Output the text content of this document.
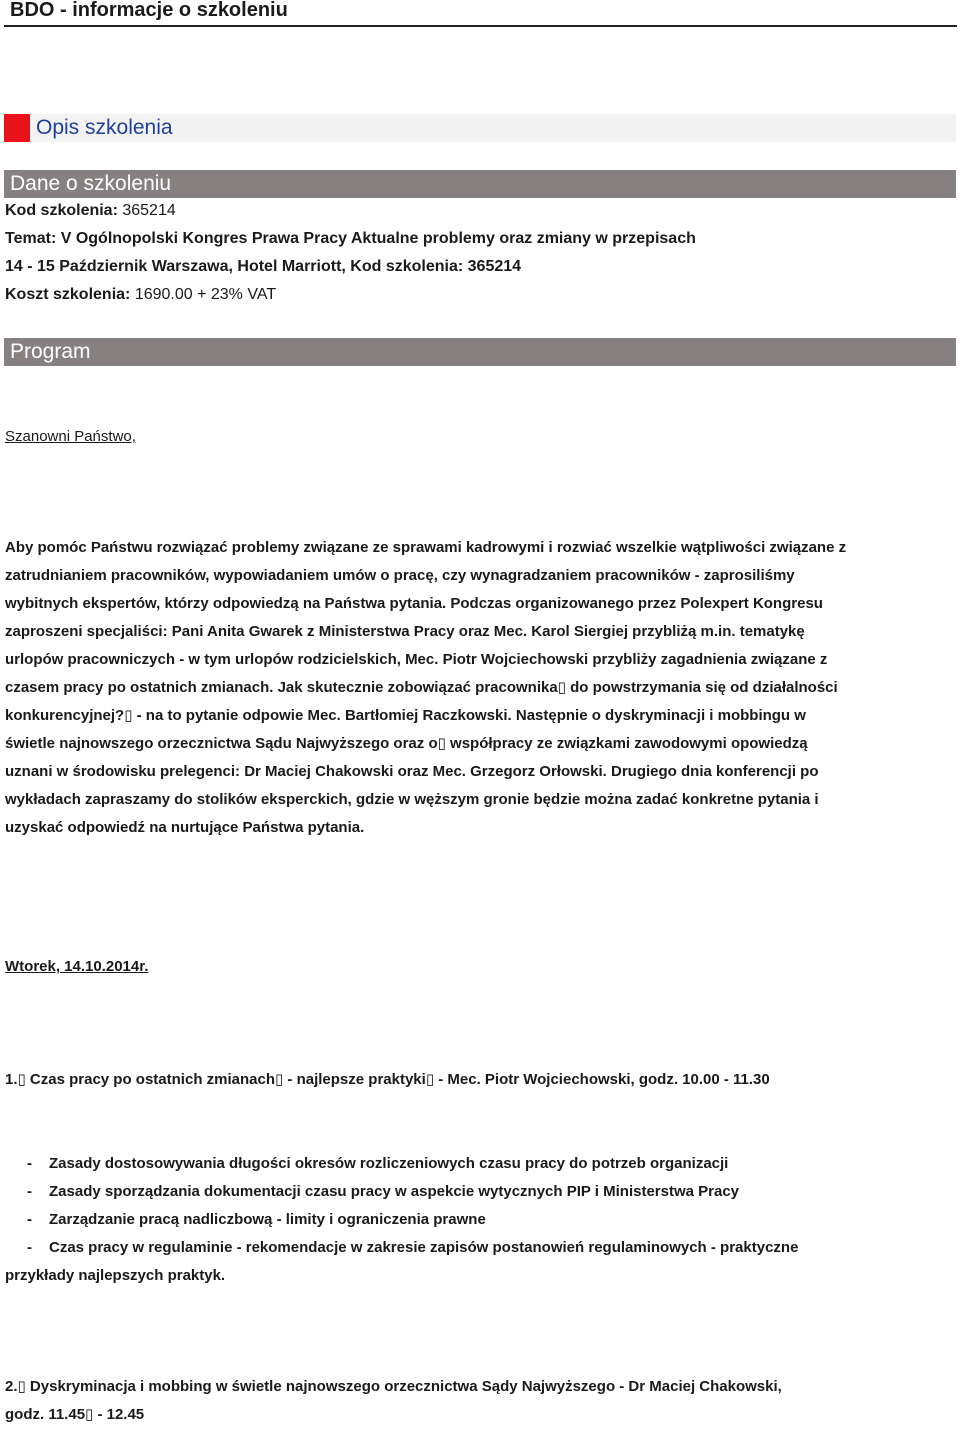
BDO - informacje o szkoleniu
Opis szkolenia
Dane o szkoleniu
Kod szkolenia: 365214
Temat: V Ogólnopolski Kongres Prawa Pracy Aktualne problemy oraz zmiany w przepisach
14 - 15 Październik Warszawa, Hotel Marriott, Kod szkolenia: 365214
Koszt szkolenia: 1690.00 + 23% VAT
Program
Szanowni Państwo,
Aby pomóc Państwu rozwiązać problemy związane ze sprawami kadrowymi i rozwiać wszelkie wątpliwości związane z
zatrudnianiem pracowników, wypowiadaniem umów o pracę, czy wynagradzaniem pracowników - zaprosiliśmy
wybitnych ekspertów, którzy odpowiedzą na Państwa pytania. Podczas organizowanego przez Polexpert Kongresu
zaproszeni specjaliści: Pani Anita Gwarek z Ministerstwa Pracy oraz Mec. Karol Siergiej przybliżą m.in. tematykę
urlopów pracowniczych - w tym urlopów rodzicielskich, Mec. Piotr Wojciechowski przybliży zagadnienia związane z
czasem pracy po ostatnich zmianach. Jak skutecznie zobowiązać pracownika▯ do powstrzymania się od działalności
konkurencyjnej?▯ - na to pytanie odpowie Mec. Bartłomiej Raczkowski. Następnie o dyskryminacji i mobbingu w
świetle najnowszego orzecznictwa Sądu Najwyższego oraz o▯ współpracy ze związkami zawodowymi opowiedzą
uznani w środowisku prelegenci: Dr Maciej Chakowski oraz Mec. Grzegorz Orłowski. Drugiego dnia konferencji po
wykładach zapraszamy do stolików eksperckich, gdzie w węższym gronie będzie można zadać konkretne pytania i
uzyskać odpowiedź na nurtujące Państwa pytania.
Wtorek, 14.10.2014r.
1.▯ Czas pracy po ostatnich zmianach▯ - najlepsze praktyki▯ - Mec. Piotr Wojciechowski, godz. 10.00 - 11.30
- Zasady dostosowywania długości okresów rozliczeniowych czasu pracy do potrzeb organizacji
- Zasady sporządzania dokumentacji czasu pracy w aspekcie wytycznych PIP i Ministerstwa Pracy
- Zarządzanie pracą nadliczbową - limity i ograniczenia prawne
- Czas pracy w regulaminie - rekomendacje w zakresie zapisów postanowień regulaminowych - praktyczne
przykłady najlepszych praktyk.
2.▯ Dyskryminacja i mobbing w świetle najnowszego orzecznictwa Sądy Najwyższego - Dr Maciej Chakowski,
godz. 11.45▯ - 12.45
